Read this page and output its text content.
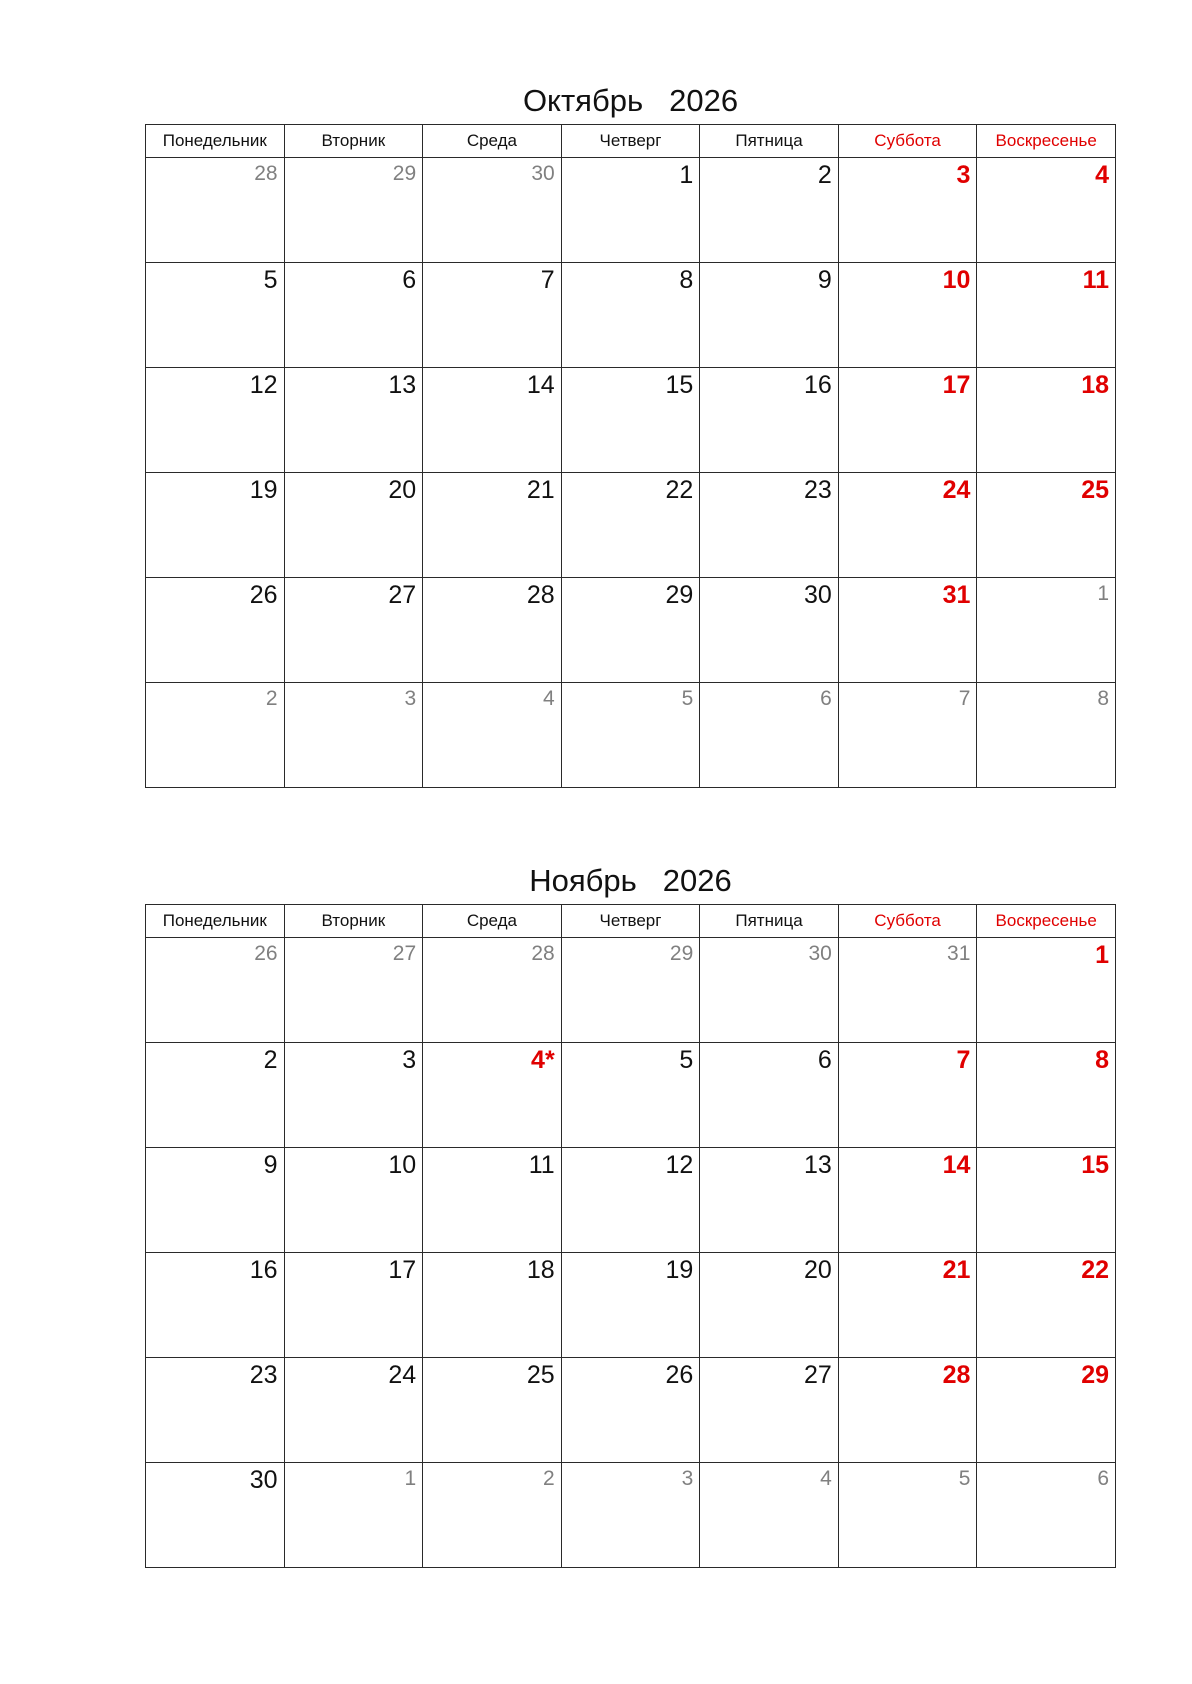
Октябрь 2026
Понедельник	Вторник	Среда	Четверг	Пятница	Суббота	Воскресенье
28	29	30	1	2	3	4
5	6	7	8	9	10	11
12	13	14	15	16	17	18
19	20	21	22	23	24	25
26	27	28	29	30	31	1
2	3	4	5	6	7	8
Ноябрь 2026
Понедельник	Вторник	Среда	Четверг	Пятница	Суббота	Воскресенье
26	27	28	29	30	31	1
2	3	4*	5	6	7	8
9	10	11	12	13	14	15
16	17	18	19	20	21	22
23	24	25	26	27	28	29
30	1	2	3	4	5	6
